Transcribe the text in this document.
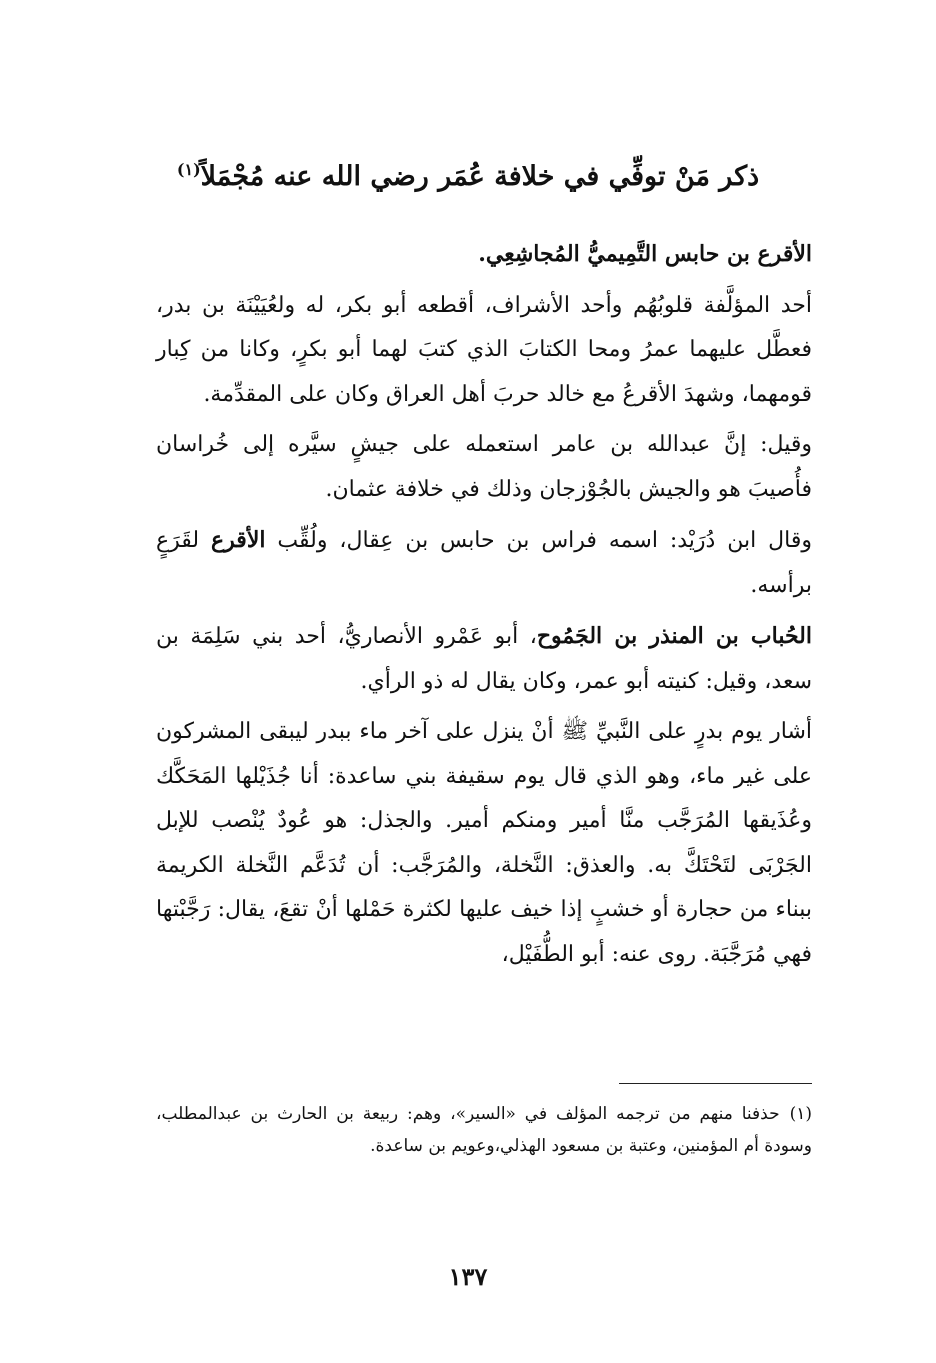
ذكر مَنْ توفِّي في خلافة عُمَر رضي الله عنه مُجْمَلاً$^{(١)}$

الأقرع بن حابس التَّمِيميُّ المُجاشِعِي.

أحد المؤلَّفة قلوبُهُم وأحد الأشراف، أقطعه أبو بكر، له ولعُيَيْنَة بن بدر، فعطَّل عليهما عمرُ ومحا الكتابَ الذي كتبَ لهما أبو بكرٍ، وكانا من كِبار قومهما، وشهدَ الأقرعُ مع خالد حربَ أهل العراق وكان على المقدِّمة.

وقيل: إنَّ عبدالله بن عامر استعمله على جيشٍ سيَّره إلى خُراسان فأُصيبَ هو والجيش بالجُوْزجان وذلك في خلافة عثمان.

وقال ابن دُرَيْد: اسمه فراس بن حابس بن عِقال، ولُقِّب الأقرع لقَرَعٍ برأسه.

الحُباب بن المنذر بن الجَمُوح، أبو عَمْرو الأنصاريُّ، أحد بني سَلِمَة بن سعد، وقيل: كنيته أبو عمر، وكان يقال له ذو الرأي.

أشار يوم بدرٍ على النَّبيِّ ﷺ أنْ ينزل على آخر ماء ببدر ليبقى المشركون على غير ماء، وهو الذي قال يوم سقيفة بني ساعدة: أنا جُذَيْلها المَحَكَّك وعُذَيقها المُرَجَّب منَّا أمير ومنكم أمير. والجذل: هو عُودٌ يُنْصب للإبل الجَرْبَى لتَحْتَكَّ به. والعذق: النَّخلة، والمُرَجَّب: أن تُدَعَّم النَّخلة الكريمة ببناء من حجارة أو خشبٍ إذا خيف عليها لكثرة حَمْلها أنْ تقعَ، يقال: رَجَّبْتها فهي مُرَجَّبَة. روى عنه: أبو الطُّفَيْل،

(١)حذفنا منهم من ترجمه المؤلف في «السير»، وهم: ربيعة بن الحارث بن عبدالمطلب، وسودة أم المؤمنين، وعتبة بن مسعود الهذلي،وعويم بن ساعدة.
١٣٧
